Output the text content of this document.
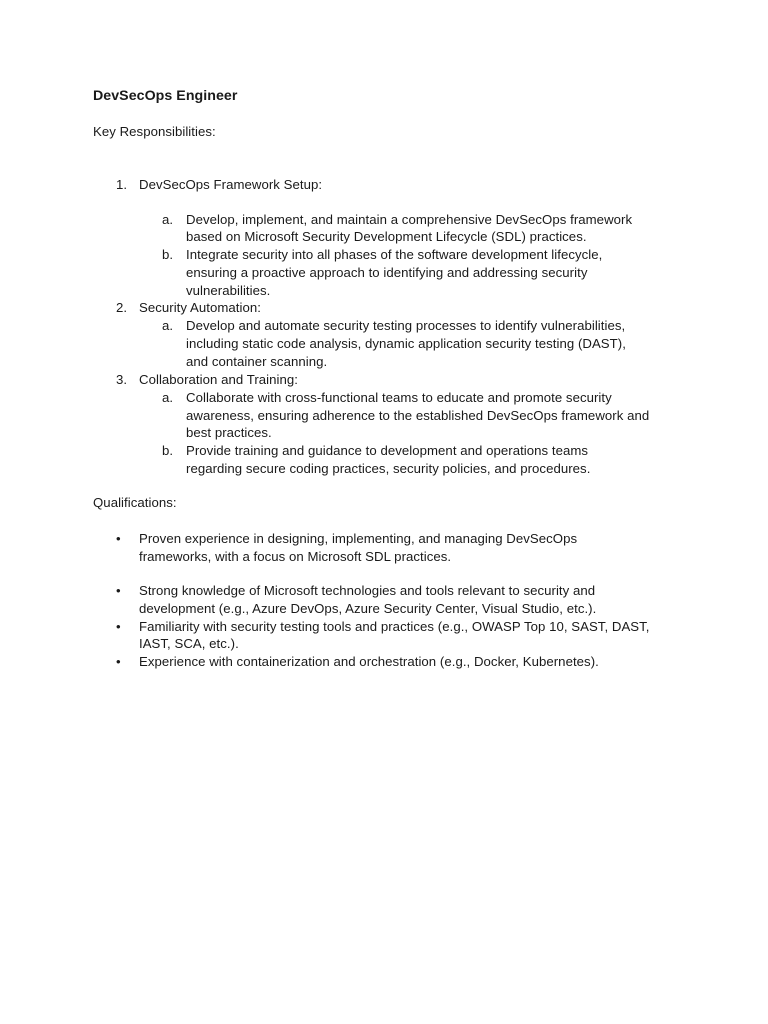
DevSecOps Engineer
Key Responsibilities:
1. DevSecOps Framework Setup:
a. Develop, implement, and maintain a comprehensive DevSecOps framework
based on Microsoft Security Development Lifecycle (SDL) practices.
b. Integrate security into all phases of the software development lifecycle,
ensuring a proactive approach to identifying and addressing security
vulnerabilities.
2. Security Automation:
a. Develop and automate security testing processes to identify vulnerabilities,
including static code analysis, dynamic application security testing (DAST),
and container scanning.
3. Collaboration and Training:
a. Collaborate with cross-functional teams to educate and promote security
awareness, ensuring adherence to the established DevSecOps framework and
best practices.
b. Provide training and guidance to development and operations teams
regarding secure coding practices, security policies, and procedures.
Qualifications:
• Proven experience in designing, implementing, and managing DevSecOps
frameworks, with a focus on Microsoft SDL practices.
• Strong knowledge of Microsoft technologies and tools relevant to security and
development (e.g., Azure DevOps, Azure Security Center, Visual Studio, etc.).
• Familiarity with security testing tools and practices (e.g., OWASP Top 10, SAST, DAST,
IAST, SCA, etc.).
• Experience with containerization and orchestration (e.g., Docker, Kubernetes).
